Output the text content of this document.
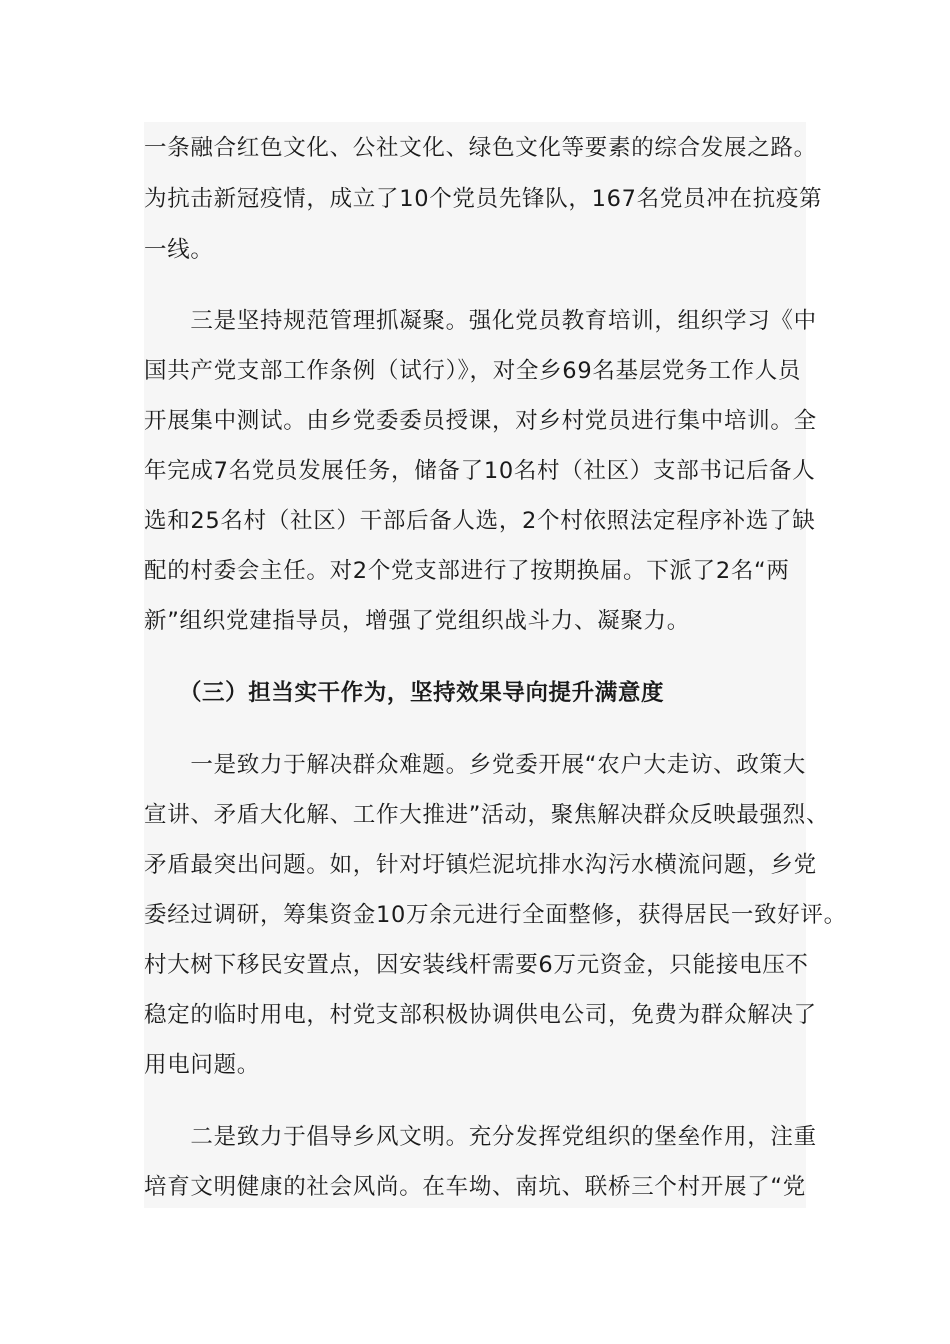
一条融合红色文化、公社文化、绿色文化等要素的综合发展之路。
为抗击新冠疫情，成立了10个党员先锋队，167名党员冲在抗疫第
一线。
　　三是坚持规范管理抓凝聚。强化党员教育培训，组织学习《中
国共产党支部工作条例（试行）》，对全乡69名基层党务工作人员
开展集中测试。由乡党委委员授课，对乡村党员进行集中培训。全
年完成7名党员发展任务，储备了10名村（社区）支部书记后备人
选和25名村（社区）干部后备人选，2个村依照法定程序补选了缺
配的村委会主任。对2个党支部进行了按期换届。下派了2名“两
新”组织党建指导员，增强了党组织战斗力、凝聚力。
　　（三）担当实干作为，坚持效果导向提升满意度
　　一是致力于解决群众难题。乡党委开展“农户大走访、政策大
宣讲、矛盾大化解、工作大推进”活动，聚焦解决群众反映最强烈、
矛盾最突出问题。如，针对圩镇烂泥坑排水沟污水横流问题，乡党
委经过调研，筹集资金10万余元进行全面整修，获得居民一致好评。
村大树下移民安置点，因安装线杆需要6万元资金，只能接电压不
稳定的临时用电，村党支部积极协调供电公司，免费为群众解决了
用电问题。
　　二是致力于倡导乡风文明。充分发挥党组织的堡垒作用，注重
培育文明健康的社会风尚。在车坳、南坑、联桥三个村开展了“党
